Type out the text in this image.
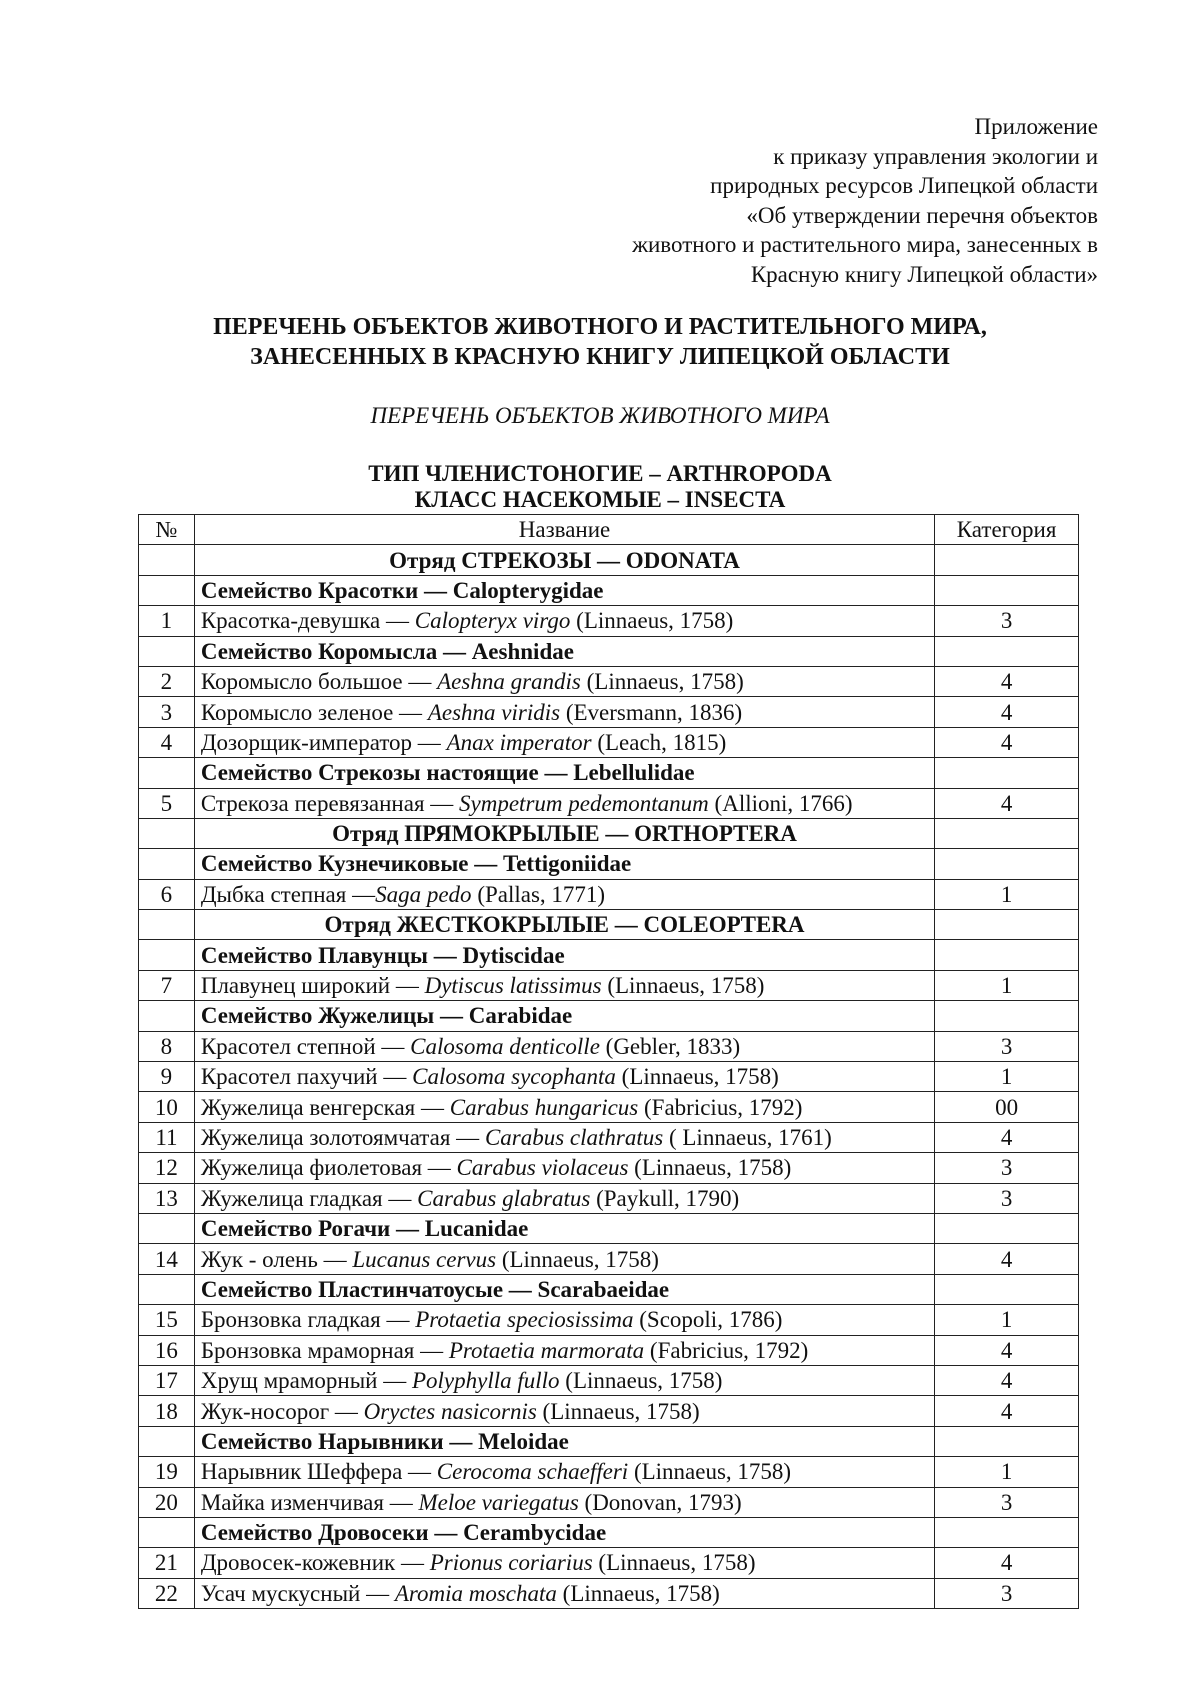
Приложение
к приказу управления экологии и
природных ресурсов Липецкой области
«Об утверждении перечня объектов
животного и растительного мира, занесенных в
Красную книгу Липецкой области»
ПЕРЕЧЕНЬ ОБЪЕКТОВ ЖИВОТНОГО И РАСТИТЕЛЬНОГО МИРА,
ЗАНЕСЕННЫХ В КРАСНУЮ КНИГУ ЛИПЕЦКОЙ ОБЛАСТИ
ПЕРЕЧЕНЬ ОБЪЕКТОВ ЖИВОТНОГО МИРА
ТИП ЧЛЕНИСТОНОГИЕ – ARTHROPODA
КЛАСС НАСЕКОМЫЕ – INSECTA
№	Название	Категория
	Отряд СТРЕКОЗЫ — ODONATA	
	Семейство Красотки — Calopterygidae	
1	Красотка-девушка — Calopteryx virgo (Linnaeus, 1758)	3
	Семейство Коромысла — Aeshnidae	
2	Коромысло большое — Aeshna grandis (Linnaeus, 1758)	4
3	Коромысло зеленое — Aeshna viridis (Eversmann, 1836)	4
4	Дозорщик-император — Anax imperator (Leach, 1815)	4
	Семейство Стрекозы настоящие — Lebellulidae	
5	Стрекоза перевязанная — Sympetrum pedemontanum (Allioni, 1766)	4
	Отряд ПРЯМОКРЫЛЫЕ — ORTHOPTERA	
	Семейство Кузнечиковые — Tettigoniidae	
6	Дыбка степная —Saga pedo (Pallas, 1771)	1
	Отряд ЖЕСТКОКРЫЛЫЕ — COLEOPTERA	
	Семейство Плавунцы — Dytiscidae	
7	Плавунец широкий — Dytiscus latissimus (Linnaeus, 1758)	1
	Семейство Жужелицы — Carabidae	
8	Красотел степной — Calosoma denticolle (Gebler, 1833)	3
9	Красотел пахучий — Calosoma sycophanta (Linnaeus, 1758)	1
10	Жужелица венгерская — Carabus hungaricus (Fabricius, 1792)	00
11	Жужелица золотоямчатая — Carabus clathratus ( Linnaeus, 1761)	4
12	Жужелица фиолетовая — Carabus violaceus (Linnaeus, 1758)	3
13	Жужелица гладкая — Carabus glabratus (Paykull, 1790)	3
	Семейство Рогачи — Lucanidae	
14	Жук - олень — Lucanus cervus (Linnaeus, 1758)	4
	Семейство Пластинчатоусые — Scarabaeidae	
15	Бронзовка гладкая — Protaetia speciosissima (Scopoli, 1786)	1
16	Бронзовка мраморная — Protaetia marmorata (Fabricius, 1792)	4
17	Хрущ мраморный — Polyphylla fullo (Linnaeus, 1758)	4
18	Жук-носорог — Oryctes nasicornis (Linnaeus, 1758)	4
	Семейство Нарывники — Meloidae	
19	Нарывник Шеффера — Cerocoma schaefferi (Linnaeus, 1758)	1
20	Майка изменчивая — Meloe variegatus (Donovan, 1793)	3
	Семейство Дровосеки — Cerambycidae	
21	Дровосек-кожевник — Prionus coriarius (Linnaeus, 1758)	4
22	Усач мускусный — Aromia moschata (Linnaeus, 1758)	3
